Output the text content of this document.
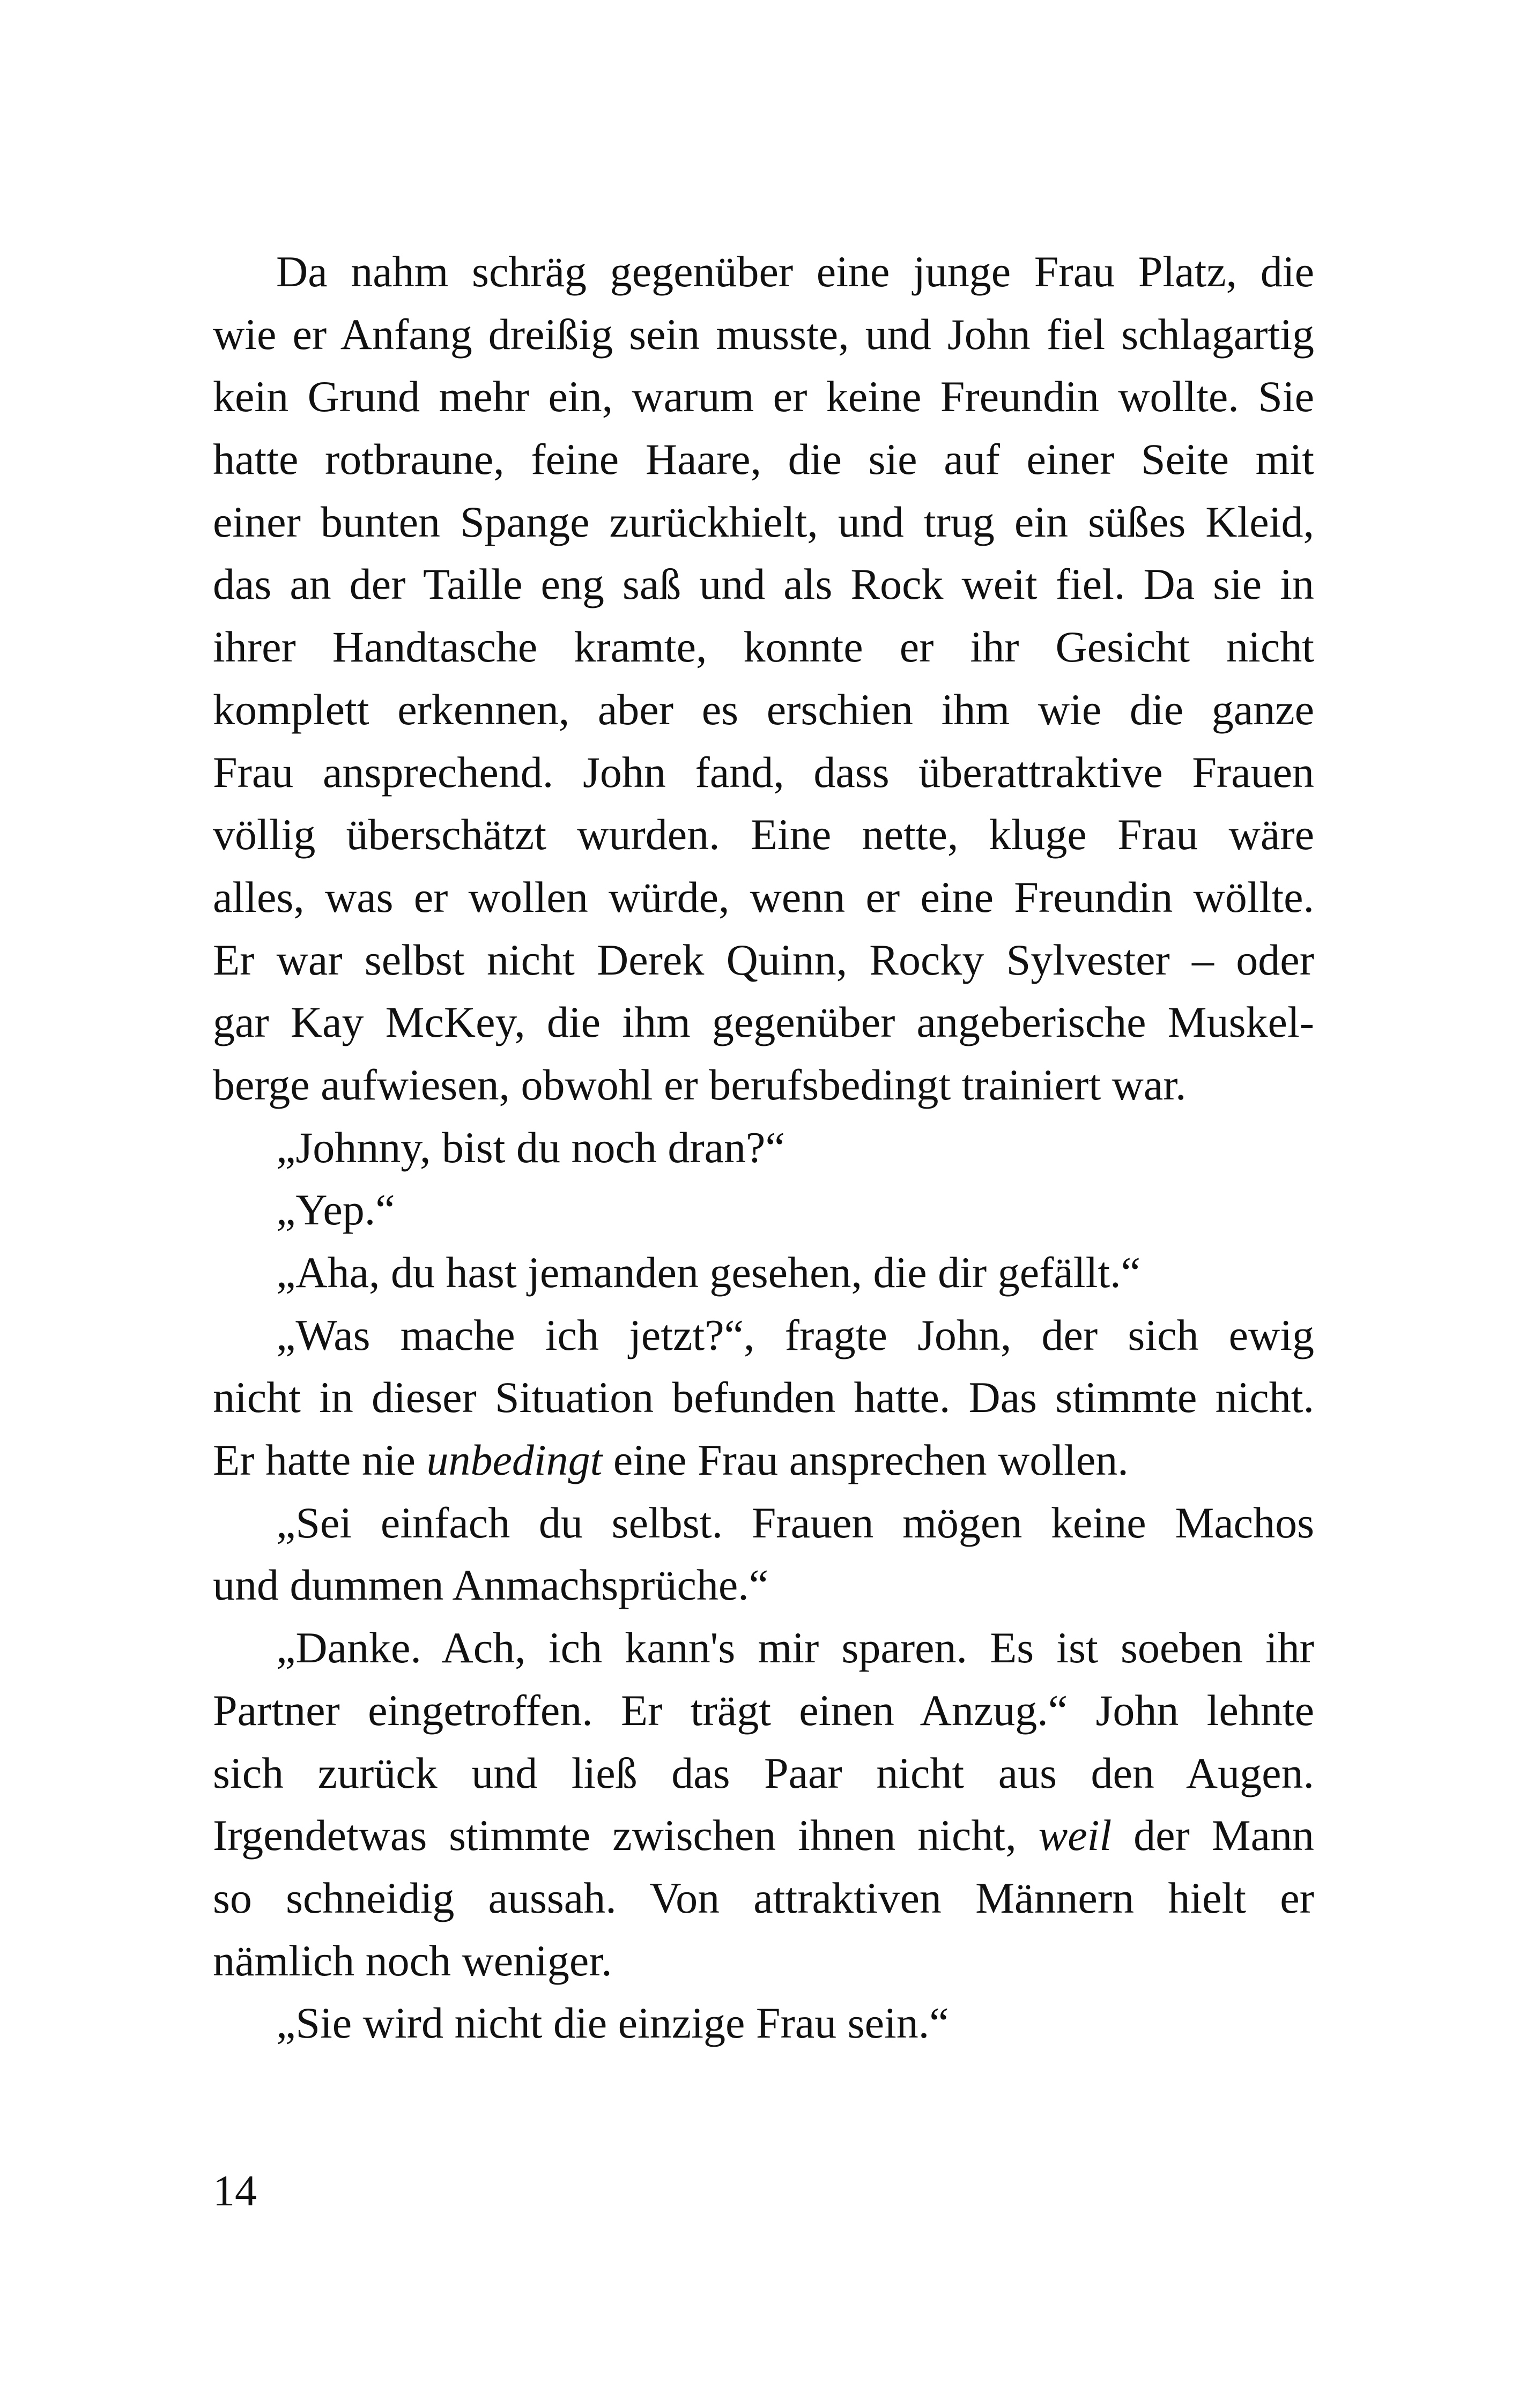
Da nahm schräg gegenüber eine junge Frau Platz, die
wie er Anfang dreißig sein musste, und John fiel schlagartig
kein Grund mehr ein, warum er keine Freundin wollte. Sie
hatte rotbraune, feine Haare, die sie auf einer Seite mit
einer bunten Spange zurückhielt, und trug ein süßes Kleid,
das an der Taille eng saß und als Rock weit fiel. Da sie in
ihrer Handtasche kramte, konnte er ihr Gesicht nicht
komplett erkennen, aber es erschien ihm wie die ganze
Frau ansprechend. John fand, dass überattraktive Frauen
völlig überschätzt wurden. Eine nette, kluge Frau wäre
alles, was er wollen würde, wenn er eine Freundin wöllte.
Er war selbst nicht Derek Quinn, Rocky Sylvester – oder
gar Kay McKey, die ihm gegenüber angeberische Muskel-
berge aufwiesen, obwohl er berufsbedingt trainiert war.
„Johnny, bist du noch dran?“
„Yep.“
„Aha, du hast jemanden gesehen, die dir gefällt.“
„Was mache ich jetzt?“, fragte John, der sich ewig
nicht in dieser Situation befunden hatte. Das stimmte nicht.
Er hatte nie unbedingt eine Frau ansprechen wollen.
„Sei einfach du selbst. Frauen mögen keine Machos
und dummen Anmachsprüche.“
„Danke. Ach, ich kann's mir sparen. Es ist soeben ihr
Partner eingetroffen. Er trägt einen Anzug.“ John lehnte
sich zurück und ließ das Paar nicht aus den Augen.
Irgendetwas stimmte zwischen ihnen nicht, weil der Mann
so schneidig aussah. Von attraktiven Männern hielt er
nämlich noch weniger.
„Sie wird nicht die einzige Frau sein.“
14
